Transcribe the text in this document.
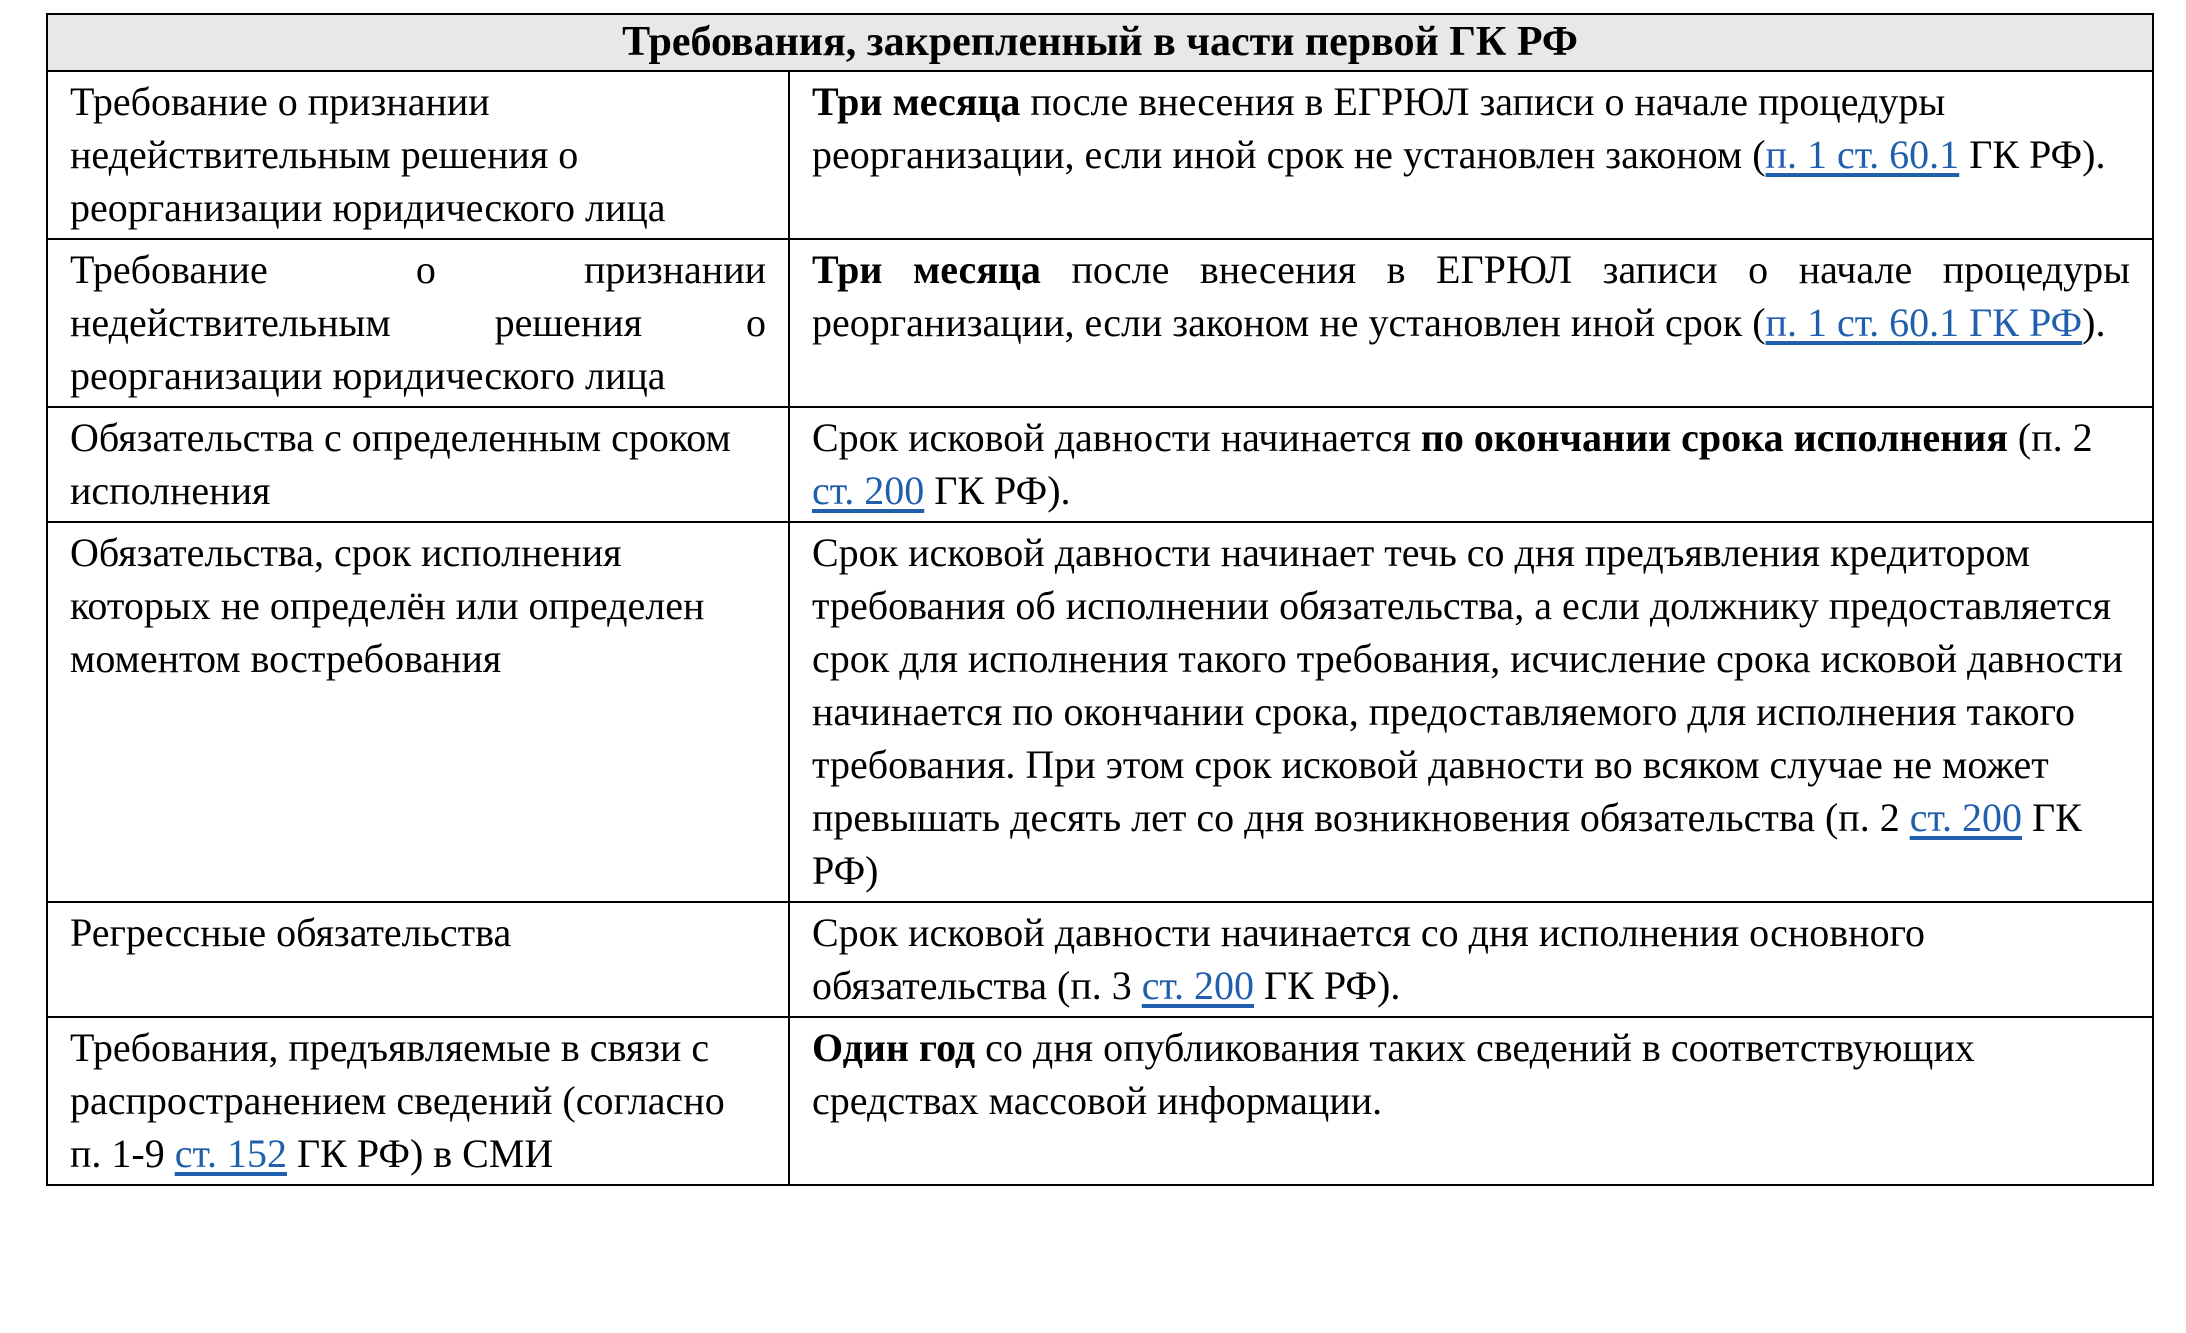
Требования, закрепленный в части первой ГК РФ	
Требование о признании недействительным решения о реорганизации юридического лица	Три месяца после внесения в ЕГРЮЛ записи о начале процедуры реорганизации, если иной срок не установлен законом (п. 1 ст. 60.1 ГК РФ).
Требование о признании недействительным решения о реорганизации юридического лица	Три месяца после внесения в ЕГРЮЛ записи о начале процедуры реорганизации, если законом не установлен иной срок (п. 1 ст. 60.1 ГК РФ).
Обязательства с определенным сроком исполнения	Срок исковой давности начинается по окончании срока исполнения (п. 2 ст. 200 ГК РФ).
Обязательства, срок исполнения которых не определён или определен моментом востребования	Срок исковой давности начинает течь со дня предъявления кредитором требования об исполнении обязательства, а если должнику предоставляется срок для исполнения такого требования, исчисление срока исковой давности начинается по окончании срока, предоставляемого для исполнения такого требования. При этом срок исковой давности во всяком случае не может превышать десять лет со дня возникновения обязательства (п. 2 ст. 200 ГК РФ)
Регрессные обязательства	Срок исковой давности начинается со дня исполнения основного обязательства (п. 3 ст. 200 ГК РФ).
Требования, предъявляемые в связи с распространением сведений (согласно п. 1-9 ст. 152 ГК РФ) в СМИ	Один год со дня опубликования таких сведений в соответствующих средствах массовой информации.
